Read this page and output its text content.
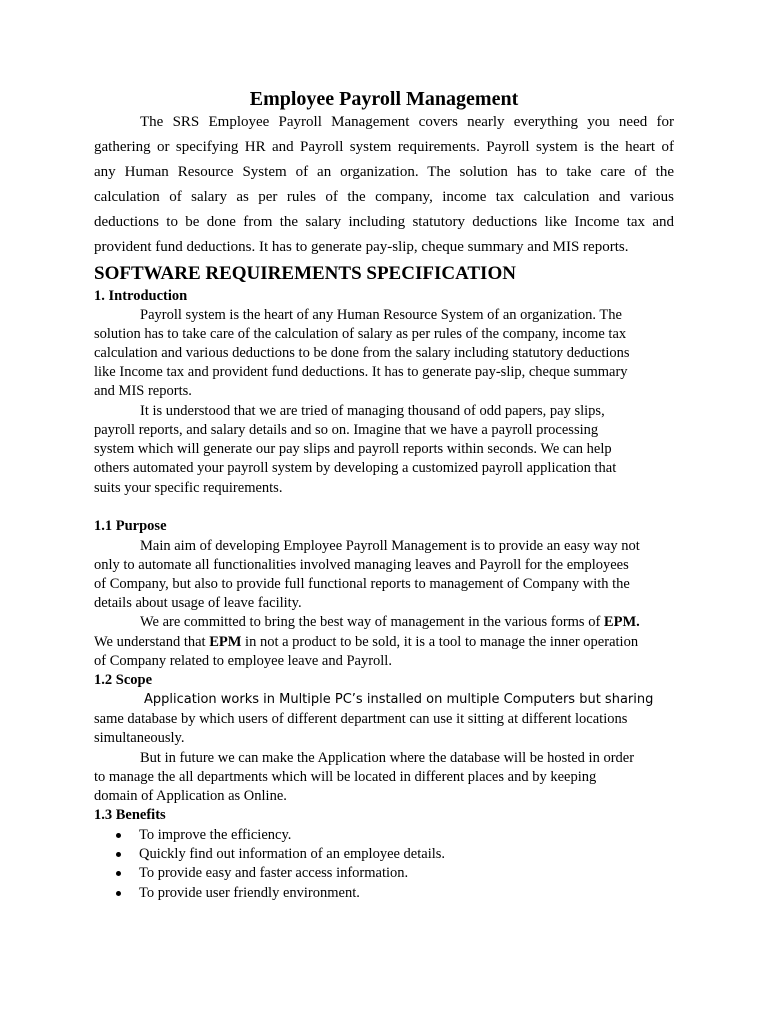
Employee Payroll Management
The SRS Employee Payroll Management covers nearly everything you need for
gathering or specifying HR and Payroll system requirements. Payroll system is the heart of
any Human Resource System of an organization. The solution has to take care of the
calculation of salary as per rules of the company, income tax calculation and various
deductions to be done from the salary including statutory deductions like Income tax and
provident fund deductions. It has to generate pay-slip, cheque summary and MIS reports.
SOFTWARE REQUIREMENTS SPECIFICATION
1. Introduction
Payroll system is the heart of any Human Resource System of an organization. The
solution has to take care of the calculation of salary as per rules of the company, income tax
calculation and various deductions to be done from the salary including statutory deductions
like Income tax and provident fund deductions. It has to generate pay-slip, cheque summary
and MIS reports.
It is understood that we are tried of managing thousand of odd papers, pay slips,
payroll reports, and salary details and so on. Imagine that we have a payroll processing
system which will generate our pay slips and payroll reports within seconds. We can help
others automated your payroll system by developing a customized payroll application that
suits your specific requirements.
1.1 Purpose
Main aim of developing Employee Payroll Management is to provide an easy way not
only to automate all functionalities involved managing leaves and Payroll for the employees
of Company, but also to provide full functional reports to management of Company with the
details about usage of leave facility.
We are committed to bring the best way of management in the various forms of EPM.
We understand that EPM in not a product to be sold, it is a tool to manage the inner operation
of Company related to employee leave and Payroll.
1.2 Scope
Application works in Multiple PC’s installed on multiple Computers but sharing
same database by which users of different department can use it sitting at different locations
simultaneously.
But in future we can make the Application where the database will be hosted in order
to manage the all departments which will be located in different places and by keeping
domain of Application as Online.
1.3 Benefits
To improve the efficiency.
Quickly find out information of an employee details.
To provide easy and faster access information.
To provide user friendly environment.
